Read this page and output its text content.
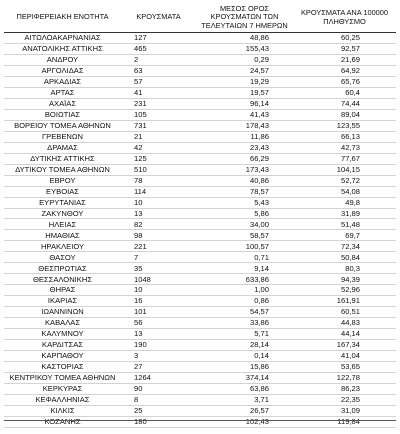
ΠΕΡΙΦΕΡΕΙΑΚΗ ΕΝΟΤΗΤΑ	ΚΡΟΥΣΜΑΤΑ	ΜΕΣΟΣ ΟΡΟΣ ΚΡΟΥΣΜΑΤΩΝ ΤΩΝ ΤΕΛΕΥΤΑΙΩΝ 7 ΗΜΕΡΩΝ	ΚΡΟΥΣΜΑΤΑ ΑΝΑ 100000 ΠΛΗΘΥΣΜΟ
ΑΙΤΩΛΟΑΚΑΡΝΑΝΙΑΣ	127	48,86	60,25
ΑΝΑΤΟΛΙΚΗΣ ΑΤΤΙΚΗΣ	465	155,43	92,57
ΑΝΔΡΟΥ	2	0,29	21,69
ΑΡΓΟΛΙΔΑΣ	63	24,57	64,92
ΑΡΚΑΔΙΑΣ	57	19,29	65,76
ΑΡΤΑΣ	41	19,57	60,4
ΑΧΑΪΑΣ	231	96,14	74,44
ΒΟΙΩΤΙΑΣ	105	41,43	89,04
ΒΟΡΕΙΟΥ ΤΟΜΕΑ ΑΘΗΝΩΝ	731	178,43	123,55
ΓΡΕΒΕΝΩΝ	21	11,86	66,13
ΔΡΑΜΑΣ	42	23,43	42,73
ΔΥΤΙΚΗΣ ΑΤΤΙΚΗΣ	125	66,29	77,67
ΔΥΤΙΚΟΥ ΤΟΜΕΑ ΑΘΗΝΩΝ	510	173,43	104,15
ΕΒΡΟΥ	78	40,86	52,72
ΕΥΒΟΙΑΣ	114	78,57	54,08
ΕΥΡΥΤΑΝΙΑΣ	10	5,43	49,8
ΖΑΚΥΝΘΟΥ	13	5,86	31,89
ΗΛΕΙΑΣ	82	34,00	51,48
ΗΜΑΘΙΑΣ	98	58,57	69,7
ΗΡΑΚΛΕΙΟΥ	221	100,57	72,34
ΘΑΣΟΥ	7	0,71	50,84
ΘΕΣΠΡΩΤΙΑΣ	35	9,14	80,3
ΘΕΣΣΑΛΟΝΙΚΗΣ	1048	633,86	94,39
ΘΗΡΑΣ	10	1,00	52,96
ΙΚΑΡΙΑΣ	16	0,86	161,91
ΙΩΑΝΝΙΝΩΝ	101	54,57	60,51
ΚΑΒΑΛΑΣ	56	33,86	44,83
ΚΑΛΥΜΝΟΥ	13	5,71	44,14
ΚΑΡΔΙΤΣΑΣ	190	28,14	167,34
ΚΑΡΠΑΘΟΥ	3	0,14	41,04
ΚΑΣΤΟΡΙΑΣ	27	15,86	53,65
ΚΕΝΤΡΙΚΟΥ ΤΟΜΕΑ ΑΘΗΝΩΝ	1264	374,14	122,78
ΚΕΡΚΥΡΑΣ	90	63,86	86,23
ΚΕΦΑΛΛΗΝΙΑΣ	8	3,71	22,35
ΚΙΛΚΙΣ	25	26,57	31,09
ΚΟΖΑΝΗΣ	180	102,43	119,84
